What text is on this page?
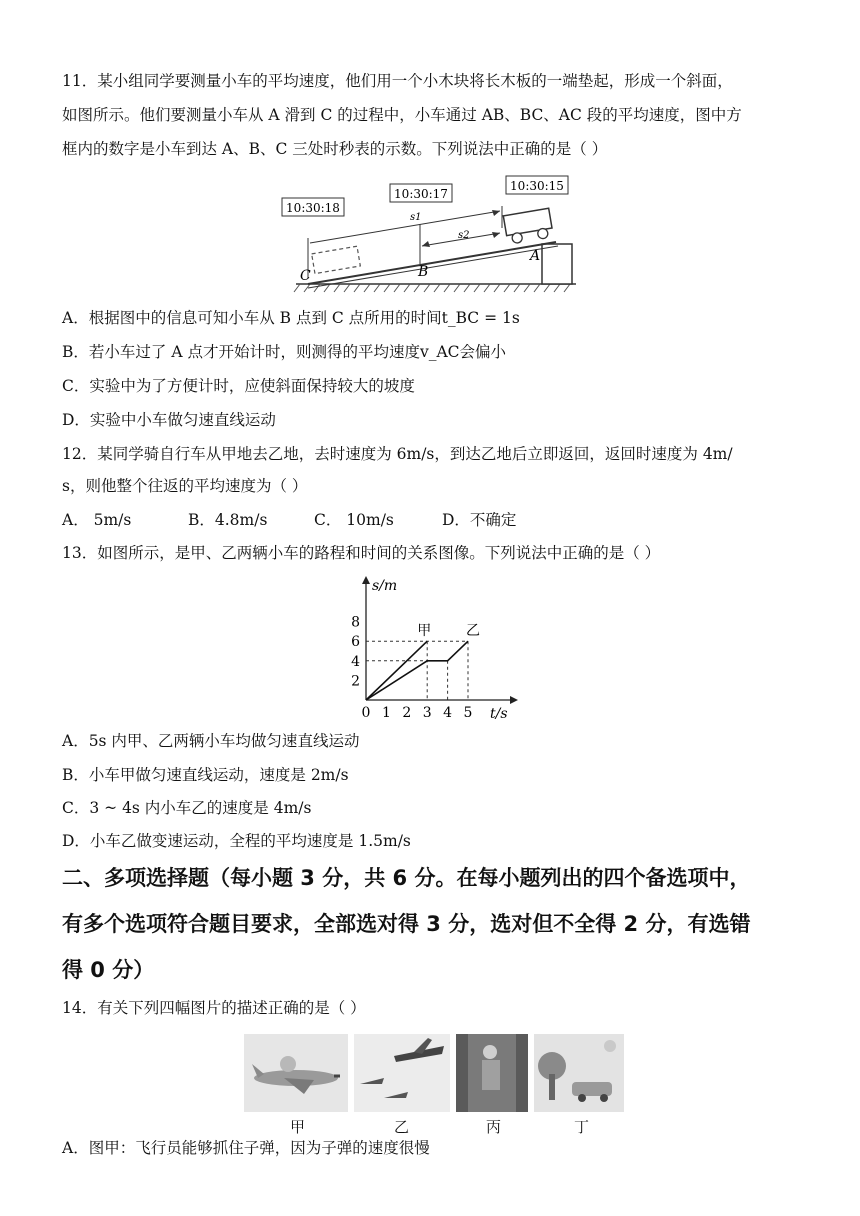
11．某小组同学要测量小车的平均速度，他们用一个小木块将长木板的一端垫起，形成一个斜面，
如图所示。他们要测量小车从 A 滑到 C 的过程中，小车通过 AB、BC、AC 段的平均速度，图中方
框内的数字是小车到达 A、B、C 三处时秒表的示数。下列说法中正确的是（ ）
10:30:18
10:30:17
10:30:15
s1
s2
C	B
A
A．根据图中的信息可知小车从 B 点到 C 点所用的时间t_BC = 1s
B．若小车过了 A 点才开始计时，则测得的平均速度v_AC会偏小
C．实验中为了方便计时，应使斜面保持较大的坡度
D．实验中小车做匀速直线运动
12．某同学骑自行车从甲地去乙地，去时速度为 6m/s，到达乙地后立即返回，返回时速度为 4m/
s，则他整个往返的平均速度为（ ）
A． 5m/s	B．4.8m/s	C． 10m/s	D．不确定
13．如图所示，是甲、乙两辆小车的路程和时间的关系图像。下列说法中正确的是（ ）
s/m
t/s
0 1 2 3 4 5
2
4
6
8
甲 乙
A．5s 内甲、乙两辆小车均做匀速直线运动
B．小车甲做匀速直线运动，速度是 2m/s
C．3 ~ 4s 内小车乙的速度是 4m/s
D．小车乙做变速运动，全程的平均速度是 1.5m/s
二、多项选择题（每小题 3 分，共 6 分。在每小题列出的四个备选项中，
有多个选项符合题目要求，全部选对得 3 分，选对但不全得 2 分，有选错
得 0 分）
14．有关下列四幅图片的描述正确的是（ ）
甲	乙	丙	丁
A．图甲：飞行员能够抓住子弹，因为子弹的速度很慢
